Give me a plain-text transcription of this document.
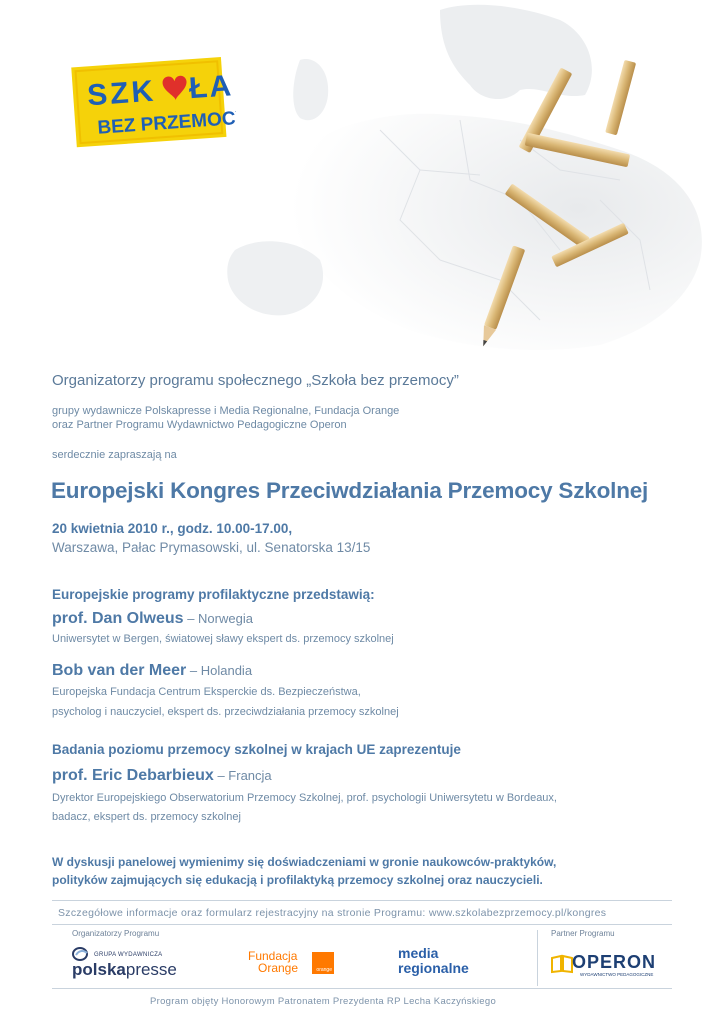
SZK ŁA
BEZ PRZEMOCY
Organizatorzy programu społecznego „Szkoła bez przemocy”
grupy wydawnicze Polskapresse i Media Regionalne, Fundacja Orange
oraz Partner Programu Wydawnictwo Pedagogiczne Operon
serdecznie zapraszają na
Europejski Kongres Przeciwdziałania Przemocy Szkolnej
20 kwietnia 2010 r., godz. 10.00-17.00,
Warszawa, Pałac Prymasowski, ul. Senatorska 13/15
Europejskie programy profilaktyczne przedstawią:
prof. Dan Olweus – Norwegia
Uniwersytet w Bergen, światowej sławy ekspert ds. przemocy szkolnej
Bob van der Meer – Holandia
Europejska Fundacja Centrum Eksperckie ds. Bezpieczeństwa,
psycholog i nauczyciel, ekspert ds. przeciwdziałania przemocy szkolnej
Badania poziomu przemocy szkolnej w krajach UE zaprezentuje
prof. Eric Debarbieux – Francja
Dyrektor Europejskiego Obserwatorium Przemocy Szkolnej, prof. psychologii Uniwersytetu w Bordeaux,
badacz, ekspert ds. przemocy szkolnej
W dyskusji panelowej wymienimy się doświadczeniami w gronie naukowców-praktyków,
polityków zajmujących się edukacją i profilaktyką przemocy szkolnej oraz nauczycieli.
Szczegółowe informacje oraz formularz rejestracyjny na stronie Programu: www.szkolabezprzemocy.pl/kongres
Organizatorzy Programu	Partner Programu
GRUPA WYDAWNICZA
polskapresse
Fundacja
Orange	orange
media
regionalne	OPERON
WYDAWNICTWO PEDAGOGICZNE
Program objęty Honorowym Patronatem Prezydenta RP Lecha Kaczyńskiego
